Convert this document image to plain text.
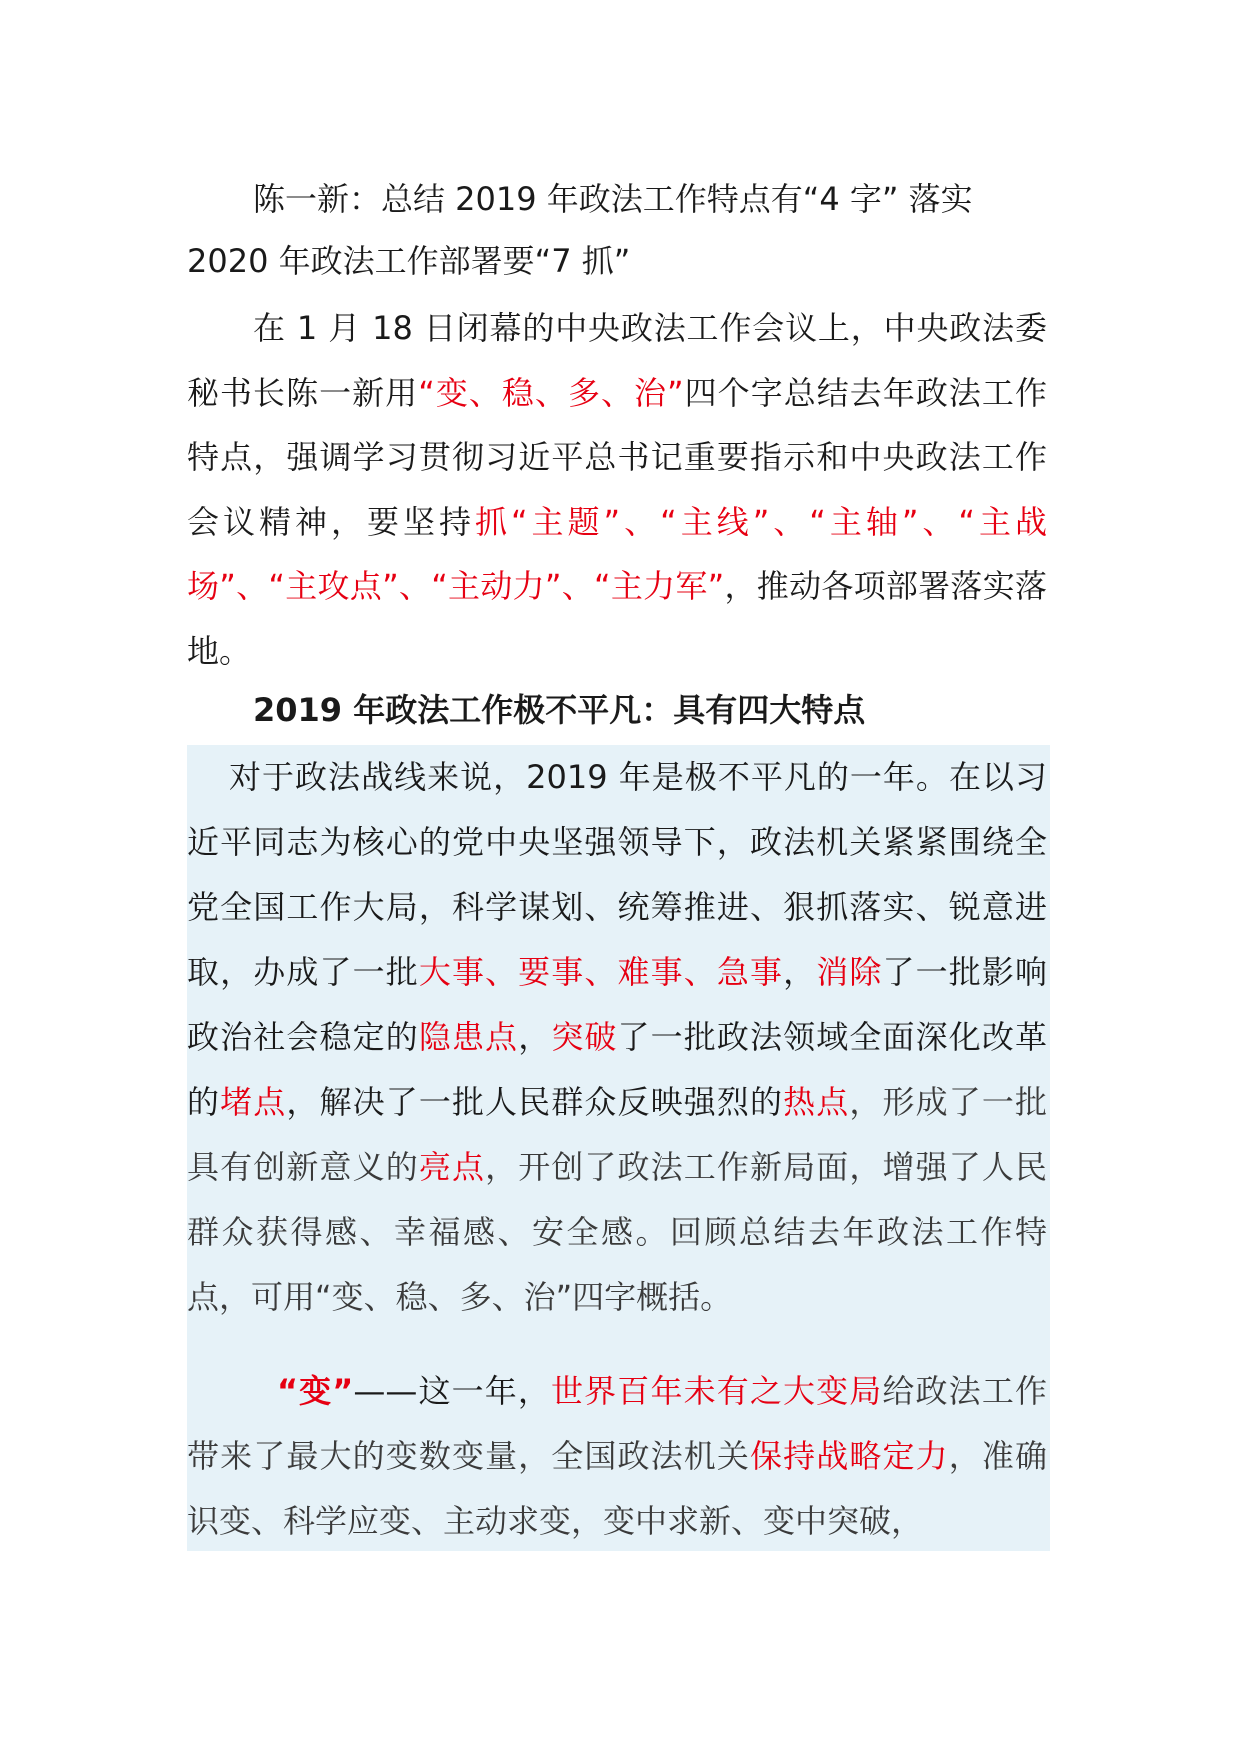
陈一新：总结 2019 年政法工作特点有“4 字” 落实
2020 年政法工作部署要“7 抓”
在 1 月 18 日闭幕的中央政法工作会议上，中央政法委秘书长陈一新用“变、稳、多、治”四个字总结去年政法工作特点，强调学习贯彻习近平总书记重要指示和中央政法工作会议精神，要坚持抓“主题”、“主线”、“主轴”、“主战场”、“主攻点”、“主动力”、“主力军”，推动各项部署落实落地。
2019 年政法工作极不平凡：具有四大特点
对于政法战线来说，2019 年是极不平凡的一年。在以习近平同志为核心的党中央坚强领导下，政法机关紧紧围绕全党全国工作大局，科学谋划、统筹推进、狠抓落实、锐意进取，办成了一批大事、要事、难事、急事，消除了一批影响政治社会稳定的隐患点，突破了一批政法领域全面深化改革的堵点，解决了一批人民群众反映强烈的热点，形成了一批具有创新意义的亮点，开创了政法工作新局面，增强了人民群众获得感、幸福感、安全感。回顾总结去年政法工作特点，可用“变、稳、多、治”四字概括。
“变”——这一年，世界百年未有之大变局给政法工作带来了最大的变数变量，全国政法机关保持战略定力，准确识变、科学应变、主动求变，变中求新、变中突破，
